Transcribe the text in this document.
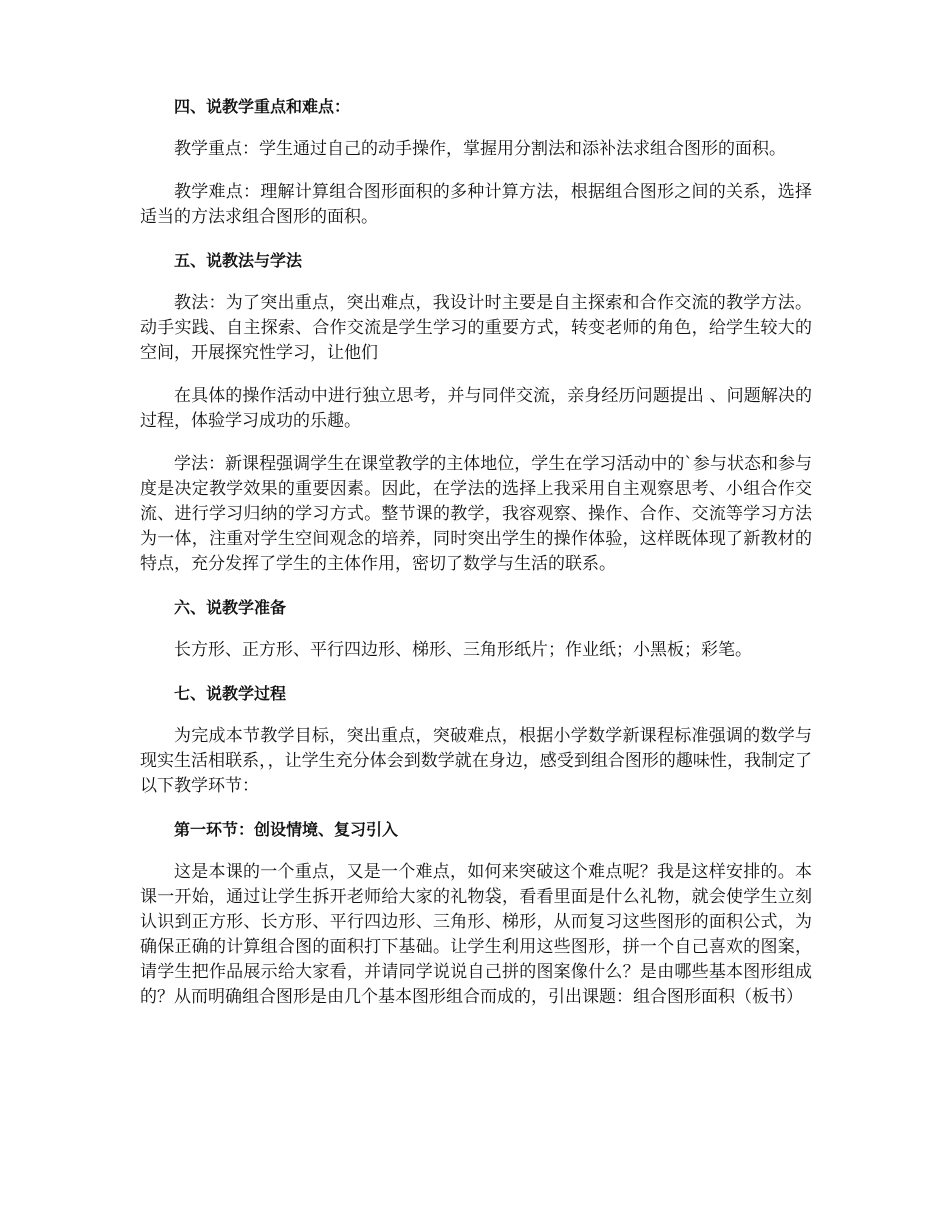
四、说教学重点和难点：
教学重点：学生通过自己的动手操作，掌握用分割法和添补法求组合图形的面积。
教学难点：理解计算组合图形面积的多种计算方法，根据组合图形之间的关系，选择适当的方法求组合图形的面积。
五、说教法与学法
教法：为了突出重点，突出难点，我设计时主要是自主探索和合作交流的教学方法。动手实践、自主探索、合作交流是学生学习的重要方式，转变老师的角色，给学生较大的空间，开展探究性学习，让他们
在具体的操作活动中进行独立思考，并与同伴交流，亲身经历问题提出 、问题解决的过程，体验学习成功的乐趣。
学法：新课程强调学生在课堂教学的主体地位，学生在学习活动中的`参与状态和参与度是决定教学效果的重要因素。因此，在学法的选择上我采用自主观察思考、小组合作交流、进行学习归纳的学习方式。整节课的教学，我容观察、操作、合作、交流等学习方法为一体，注重对学生空间观念的培养，同时突出学生的操作体验，这样既体现了新教材的特点，充分发挥了学生的主体作用，密切了数学与生活的联系。
六、说教学准备
长方形、正方形、平行四边形、梯形、三角形纸片；作业纸；小黑板；彩笔。
七、说教学过程
为完成本节教学目标，突出重点，突破难点，根据小学数学新课程标准强调的数学与现实生活相联系，，让学生充分体会到数学就在身边，感受到组合图形的趣味性，我制定了以下教学环节：
第一环节：创设情境、复习引入
这是本课的一个重点，又是一个难点，如何来突破这个难点呢？我是这样安排的。本课一开始，通过让学生拆开老师给大家的礼物袋，看看里面是什么礼物，就会使学生立刻认识到正方形、长方形、平行四边形、三角形、梯形，从而复习这些图形的面积公式，为确保正确的计算组合图的面积打下基础。让学生利用这些图形，拼一个自己喜欢的图案，请学生把作品展示给大家看，并请同学说说自己拼的图案像什么？是由哪些基本图形组成的？从而明确组合图形是由几个基本图形组合而成的，引出课题：组合图形面积（板书）
